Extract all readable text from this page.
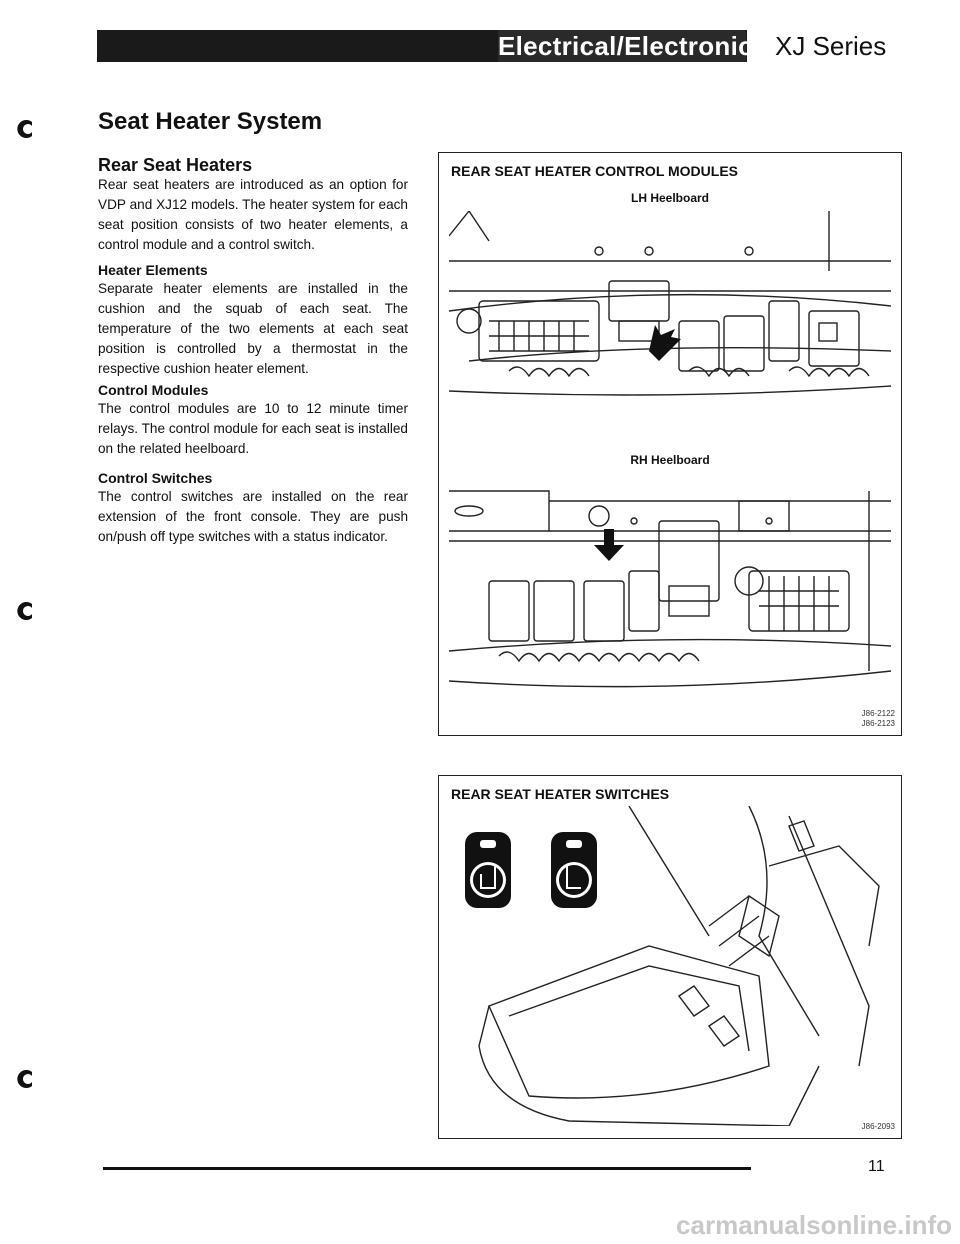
Electrical/Electronic XJ Series
Seat Heater System
Rear Seat Heaters
Rear seat heaters are introduced as an option for VDP and XJ12 models. The heater system for each seat position consists of two heater elements, a control module and a control switch.
Heater Elements
Separate heater elements are installed in the cushion and the squab of each seat. The temperature of the two elements at each seat position is controlled by a thermostat in the respective cushion heater element.
Control Modules
The control modules are 10 to 12 minute timer relays. The control module for each seat is installed on the related heelboard.
Control Switches
The control switches are installed on the rear extension of the front console. They are push on/push off type switches with a status indicator.
REAR SEAT HEATER CONTROL MODULES
LH Heelboard
RH Heelboard
J86-2122
J86-2123
REAR SEAT HEATER SWITCHES
J86-2093
11
carmanualsonline.info
